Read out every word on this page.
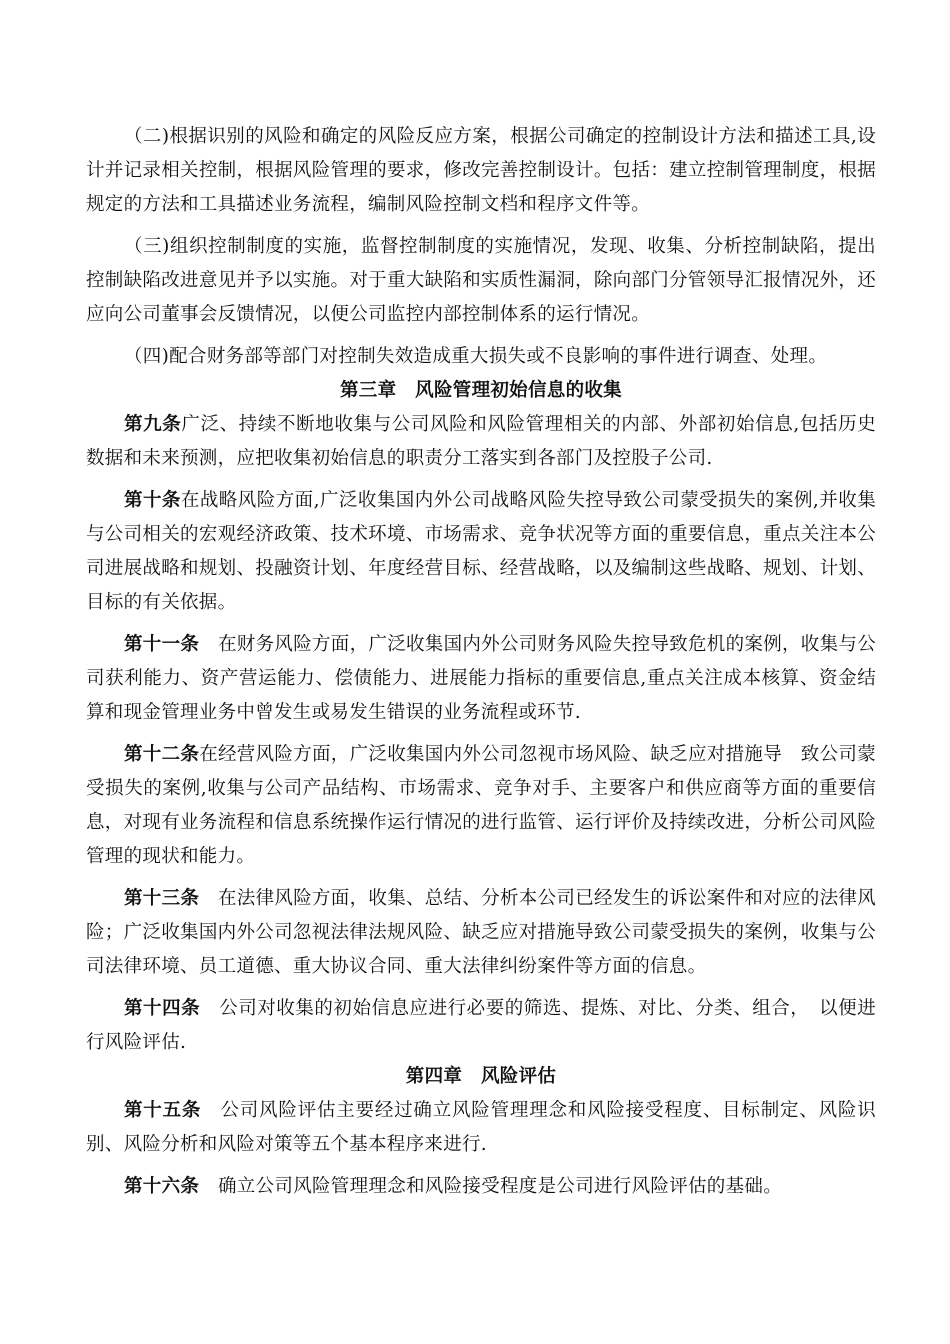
（二)根据识别的风险和确定的风险反应方案，根据公司确定的控制设计方法和描述工具,设计并记录相关控制，根据风险管理的要求，修改完善控制设计。包括：建立控制管理制度，根据规定的方法和工具描述业务流程，编制风险控制文档和程序文件等。

（三)组织控制制度的实施，监督控制制度的实施情况，发现、收集、分析控制缺陷，提出控制缺陷改进意见并予以实施。对于重大缺陷和实质性漏洞，除向部门分管领导汇报情况外，还应向公司董事会反馈情况，以便公司监控内部控制体系的运行情况。

（四)配合财务部等部门对控制失效造成重大损失或不良影响的事件进行调查、处理。

第三章　风险管理初始信息的收集

第九条广泛、持续不断地收集与公司风险和风险管理相关的内部、外部初始信息,包括历史数据和未来预测，应把收集初始信息的职责分工落实到各部门及控股子公司.

第十条在战略风险方面,广泛收集国内外公司战略风险失控导致公司蒙受损失的案例,并收集与公司相关的宏观经济政策、技术环境、市场需求、竞争状况等方面的重要信息，重点关注本公司进展战略和规划、投融资计划、年度经营目标、经营战略，以及编制这些战略、规划、计划、目标的有关依据。

第十一条　在财务风险方面，广泛收集国内外公司财务风险失控导致危机的案例，收集与公司获利能力、资产营运能力、偿债能力、进展能力指标的重要信息,重点关注成本核算、资金结算和现金管理业务中曾发生或易发生错误的业务流程或环节.

第十二条在经营风险方面，广泛收集国内外公司忽视市场风险、缺乏应对措施导　致公司蒙受损失的案例,收集与公司产品结构、市场需求、竞争对手、主要客户和供应商等方面的重要信息，对现有业务流程和信息系统操作运行情况的进行监管、运行评价及持续改进，分析公司风险管理的现状和能力。

第十三条　在法律风险方面，收集、总结、分析本公司已经发生的诉讼案件和对应的法律风险；广泛收集国内外公司忽视法律法规风险、缺乏应对措施导致公司蒙受损失的案例，收集与公司法律环境、员工道德、重大协议合同、重大法律纠纷案件等方面的信息。

第十四条　公司对收集的初始信息应进行必要的筛选、提炼、对比、分类、组合，　以便进行风险评估.

第四章　风险评估

第十五条　公司风险评估主要经过确立风险管理理念和风险接受程度、目标制定、风险识别、风险分析和风险对策等五个基本程序来进行.

第十六条　确立公司风险管理理念和风险接受程度是公司进行风险评估的基础。
